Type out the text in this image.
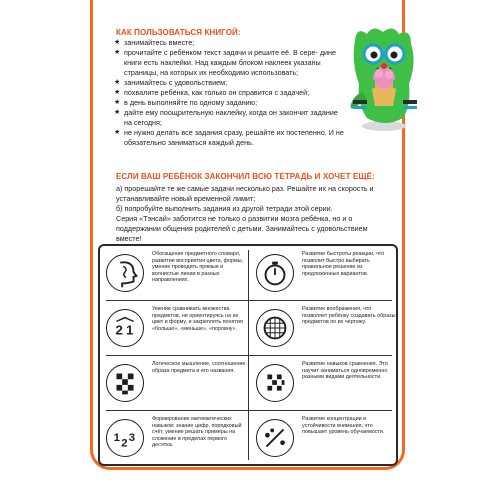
КАК ПОЛЬЗОВАТЬСЯ КНИГОЙ:
★ занимайтесь вместе;
★ прочитайте с ребёнком текст задачи и решите её. В сере- дине книги есть наклейки. Над каждым блоком наклеек указаны страницы, на которых их необходимо использовать;
★ занимайтесь с удовольствием;
★ похвалите ребёнка, как только он справится с задачей;
★ в день выполняйте по одному заданию;
★ дайте ему поощрительную наклейку, когда он закончит задание на сегодня;
★ не нужно делать все задания сразу, решайте их постепенно. И не обязательно заниматься каждый день.
ЕСЛИ ВАШ РЕБЁНОК ЗАКОНЧИЛ ВСЮ ТЕТРАДЬ И ХОЧЕТ ЕЩЁ:

а) прорешайте те же самые задачи несколько раз. Решайте их на скорость и устанавливайте новый временной лимит;

б) попробуйте выполнить задания из другой тетради этой серии.

Серия «Тэнсай» заботится не только о развитии мозга ребёнка, но и о поддержании общения родителей с детьми. Занимайтесь с удовольствием вместе!

Обогащение предметного словаря, развитие восприятия цвета, формы, умение проводить прямые и волнистые линии в разных направлениях.
Развитие быстроты реакции, что позволит быстро выбирать правильное решение из предложенных вариантов.
2 1
Умение сравнивать множества предметов, не ориентируясь на их цвет и форму, и закреплять понятия «больше», «меньше», «поровну».
Развитие воображения, что позволяет ребёнку создавать образы предметов по их чертежу.
Логическое мышление, соотношение образа предмета и его названия.
Развитие навыков сравнения. Это научит заниматься одновременно разными видами деятельности.
1 2 3
Формирование математических навыков: знание цифр, порядковый счёт, умение решать примеры на сложение в пределах первого десятка.
Развитие концентрации и устойчивости внимания, что повышает уровень обучаемости.
